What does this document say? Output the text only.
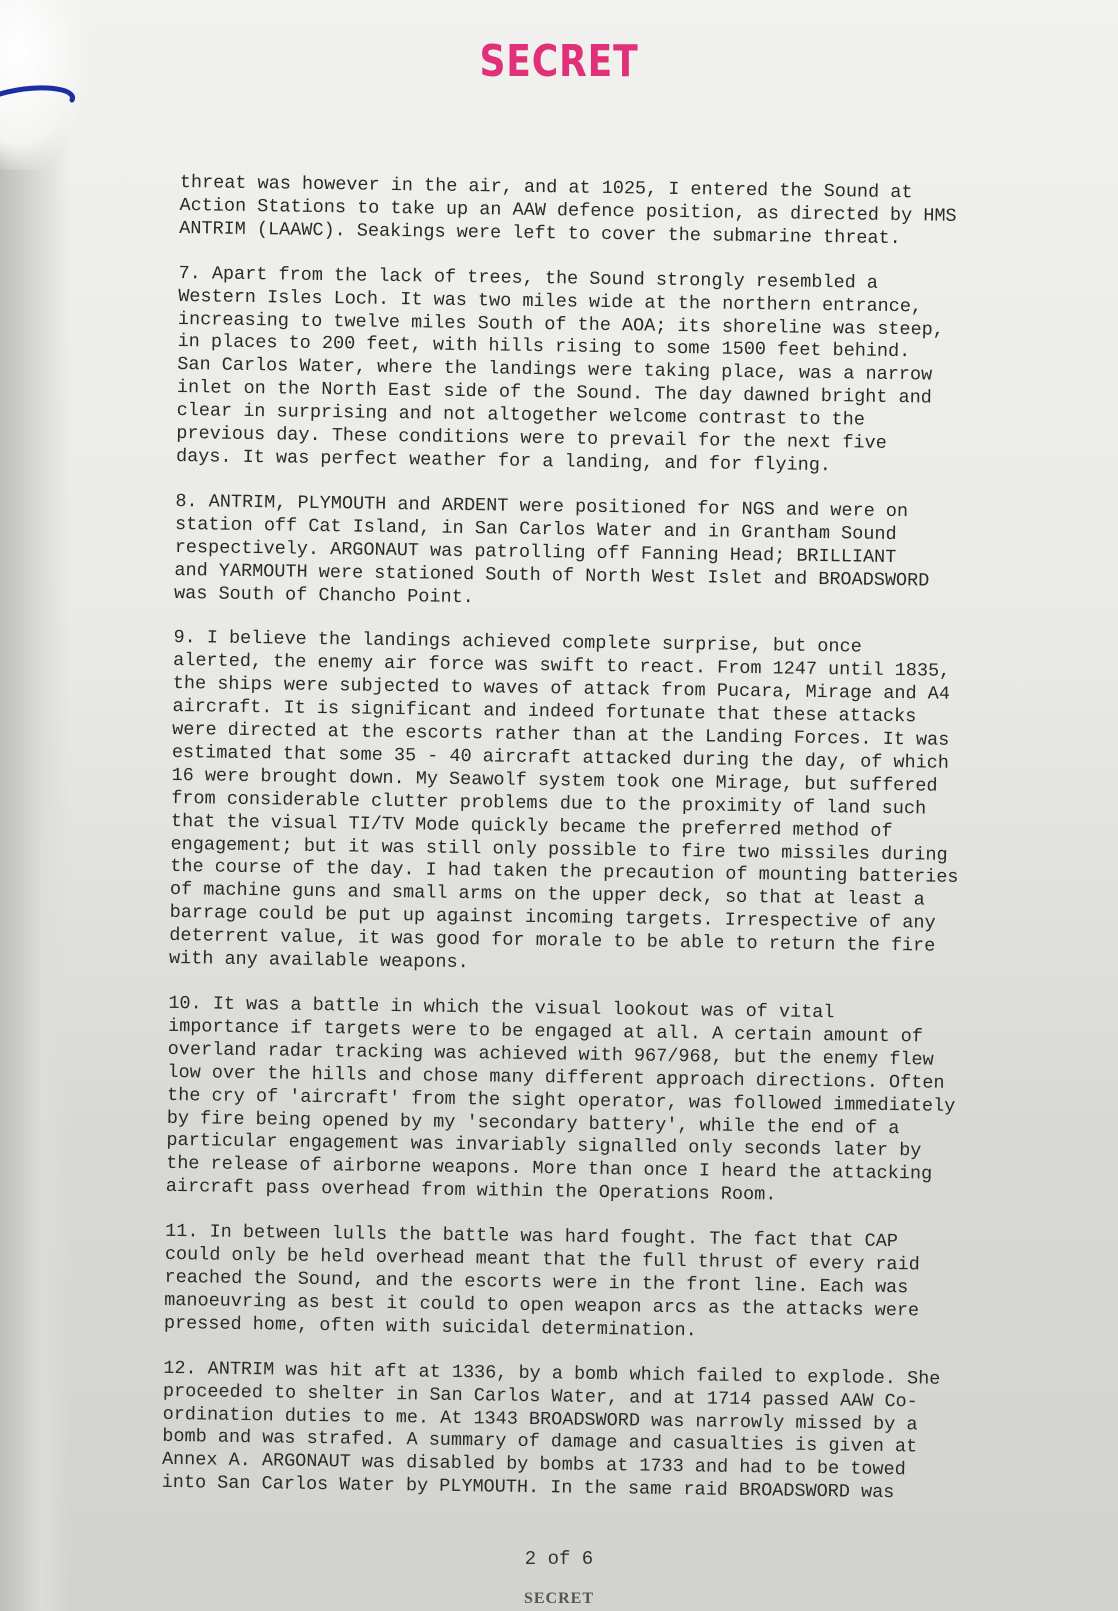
SECRET

threat was however in the air, and at 1025, I entered the Sound at
Action Stations to take up an AAW defence position, as directed by HMS
ANTRIM (LAAWC). Seakings were left to cover the submarine threat.

7. Apart from the lack of trees, the Sound strongly resembled a
Western Isles Loch. It was two miles wide at the northern entrance,
increasing to twelve miles South of the AOA; its shoreline was steep,
in places to 200 feet, with hills rising to some 1500 feet behind.
San Carlos Water, where the landings were taking place, was a narrow
inlet on the North East side of the Sound. The day dawned bright and
clear in surprising and not altogether welcome contrast to the
previous day. These conditions were to prevail for the next five
days. It was perfect weather for a landing, and for flying.

8. ANTRIM, PLYMOUTH and ARDENT were positioned for NGS and were on
station off Cat Island, in San Carlos Water and in Grantham Sound
respectively. ARGONAUT was patrolling off Fanning Head; BRILLIANT
and YARMOUTH were stationed South of North West Islet and BROADSWORD
was South of Chancho Point.

9. I believe the landings achieved complete surprise, but once
alerted, the enemy air force was swift to react. From 1247 until 1835,
the ships were subjected to waves of attack from Pucara, Mirage and A4
aircraft. It is significant and indeed fortunate that these attacks
were directed at the escorts rather than at the Landing Forces. It was
estimated that some 35 - 40 aircraft attacked during the day, of which
16 were brought down. My Seawolf system took one Mirage, but suffered
from considerable clutter problems due to the proximity of land such
that the visual TI/TV Mode quickly became the preferred method of
engagement; but it was still only possible to fire two missiles during
the course of the day. I had taken the precaution of mounting batteries
of machine guns and small arms on the upper deck, so that at least a
barrage could be put up against incoming targets. Irrespective of any
deterrent value, it was good for morale to be able to return the fire
with any available weapons.

10. It was a battle in which the visual lookout was of vital
importance if targets were to be engaged at all. A certain amount of
overland radar tracking was achieved with 967/968, but the enemy flew
low over the hills and chose many different approach directions. Often
the cry of 'aircraft' from the sight operator, was followed immediately
by fire being opened by my 'secondary battery', while the end of a
particular engagement was invariably signalled only seconds later by
the release of airborne weapons. More than once I heard the attacking
aircraft pass overhead from within the Operations Room.

11. In between lulls the battle was hard fought. The fact that CAP
could only be held overhead meant that the full thrust of every raid
reached the Sound, and the escorts were in the front line. Each was
manoeuvring as best it could to open weapon arcs as the attacks were
pressed home, often with suicidal determination.

12. ANTRIM was hit aft at 1336, by a bomb which failed to explode. She
proceeded to shelter in San Carlos Water, and at 1714 passed AAW Co-
ordination duties to me. At 1343 BROADSWORD was narrowly missed by a
bomb and was strafed. A summary of damage and casualties is given at
Annex A. ARGONAUT was disabled by bombs at 1733 and had to be towed
into San Carlos Water by PLYMOUTH. In the same raid BROADSWORD was

2 of 6
SECRET
